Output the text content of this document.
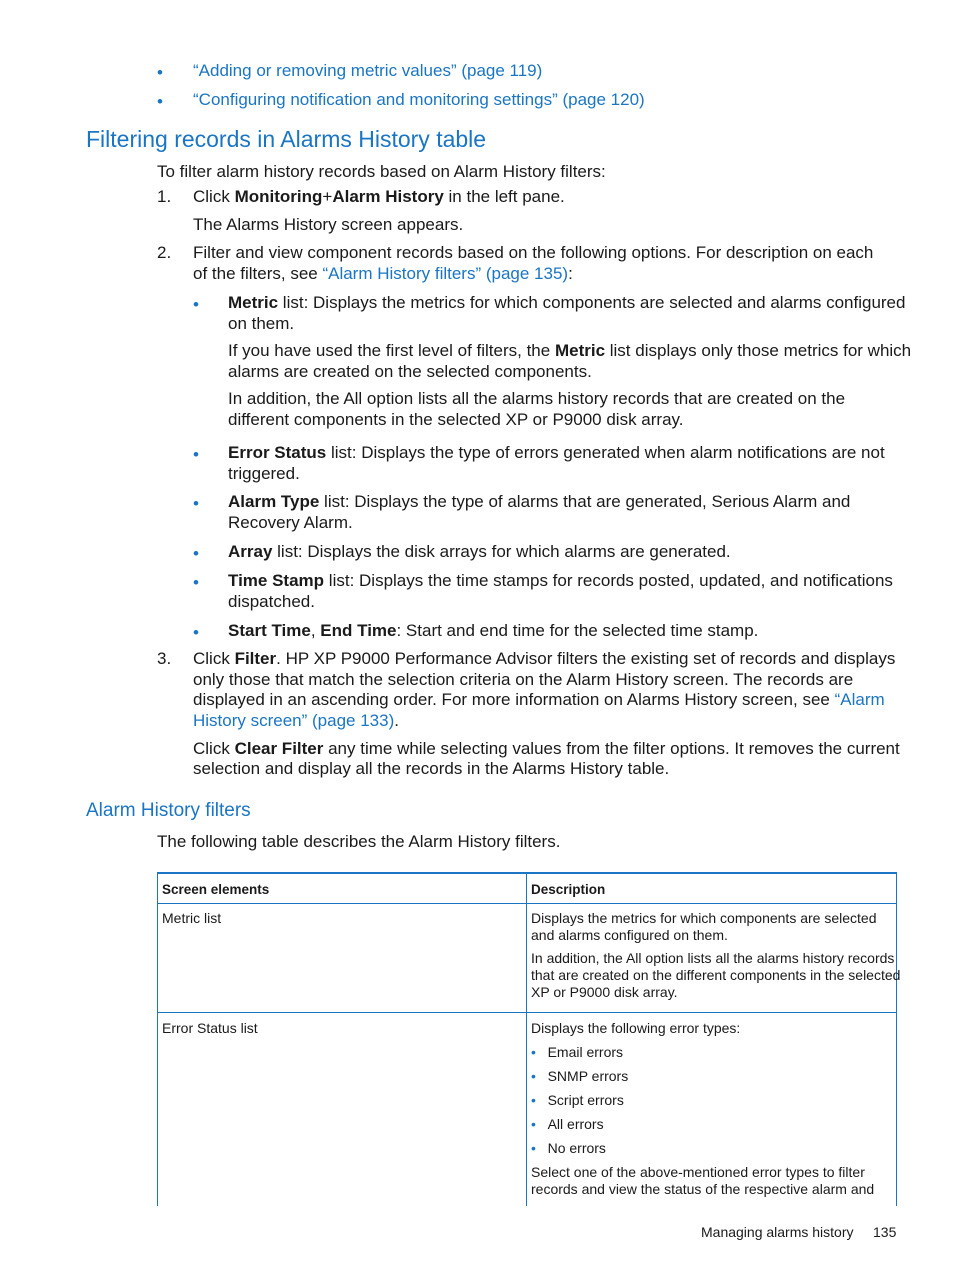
• “Adding or removing metric values” (page 119)
• “Configuring notification and monitoring settings” (page 120)
Filtering records in Alarms History table
To filter alarm history records based on Alarm History filters:
1. Click Monitoring+Alarm History in the left pane.
The Alarms History screen appears.
2. Filter and view component records based on the following options. For description on each
of the filters, see “Alarm History filters” (page 135):
• Metric list: Displays the metrics for which components are selected and alarms configured
on them.
If you have used the first level of filters, the Metric list displays only those metrics for which
alarms are created on the selected components.
In addition, the All option lists all the alarms history records that are created on the
different components in the selected XP or P9000 disk array.
• Error Status list: Displays the type of errors generated when alarm notifications are not
triggered.
• Alarm Type list: Displays the type of alarms that are generated, Serious Alarm and
Recovery Alarm.
• Array list: Displays the disk arrays for which alarms are generated.
• Time Stamp list: Displays the time stamps for records posted, updated, and notifications
dispatched.
• Start Time, End Time: Start and end time for the selected time stamp.
3. Click Filter. HP XP P9000 Performance Advisor filters the existing set of records and displays
only those that match the selection criteria on the Alarm History screen. The records are
displayed in an ascending order. For more information on Alarms History screen, see “Alarm
History screen” (page 133).
Click Clear Filter any time while selecting values from the filter options. It removes the current
selection and display all the records in the Alarms History table.
Alarm History filters
The following table describes the Alarm History filters.
Screen elements	Description
Metric list	Displays the metrics for which components are selected
and alarms configured on them.
In addition, the All option lists all the alarms history records
that are created on the different components in the selected
XP or P9000 disk array.
Error Status list	Displays the following error types:
• Email errors
• SNMP errors
• Script errors
• All errors
• No errors
Select one of the above-mentioned error types to filter
records and view the status of the respective alarm and
Managing alarms history 135
